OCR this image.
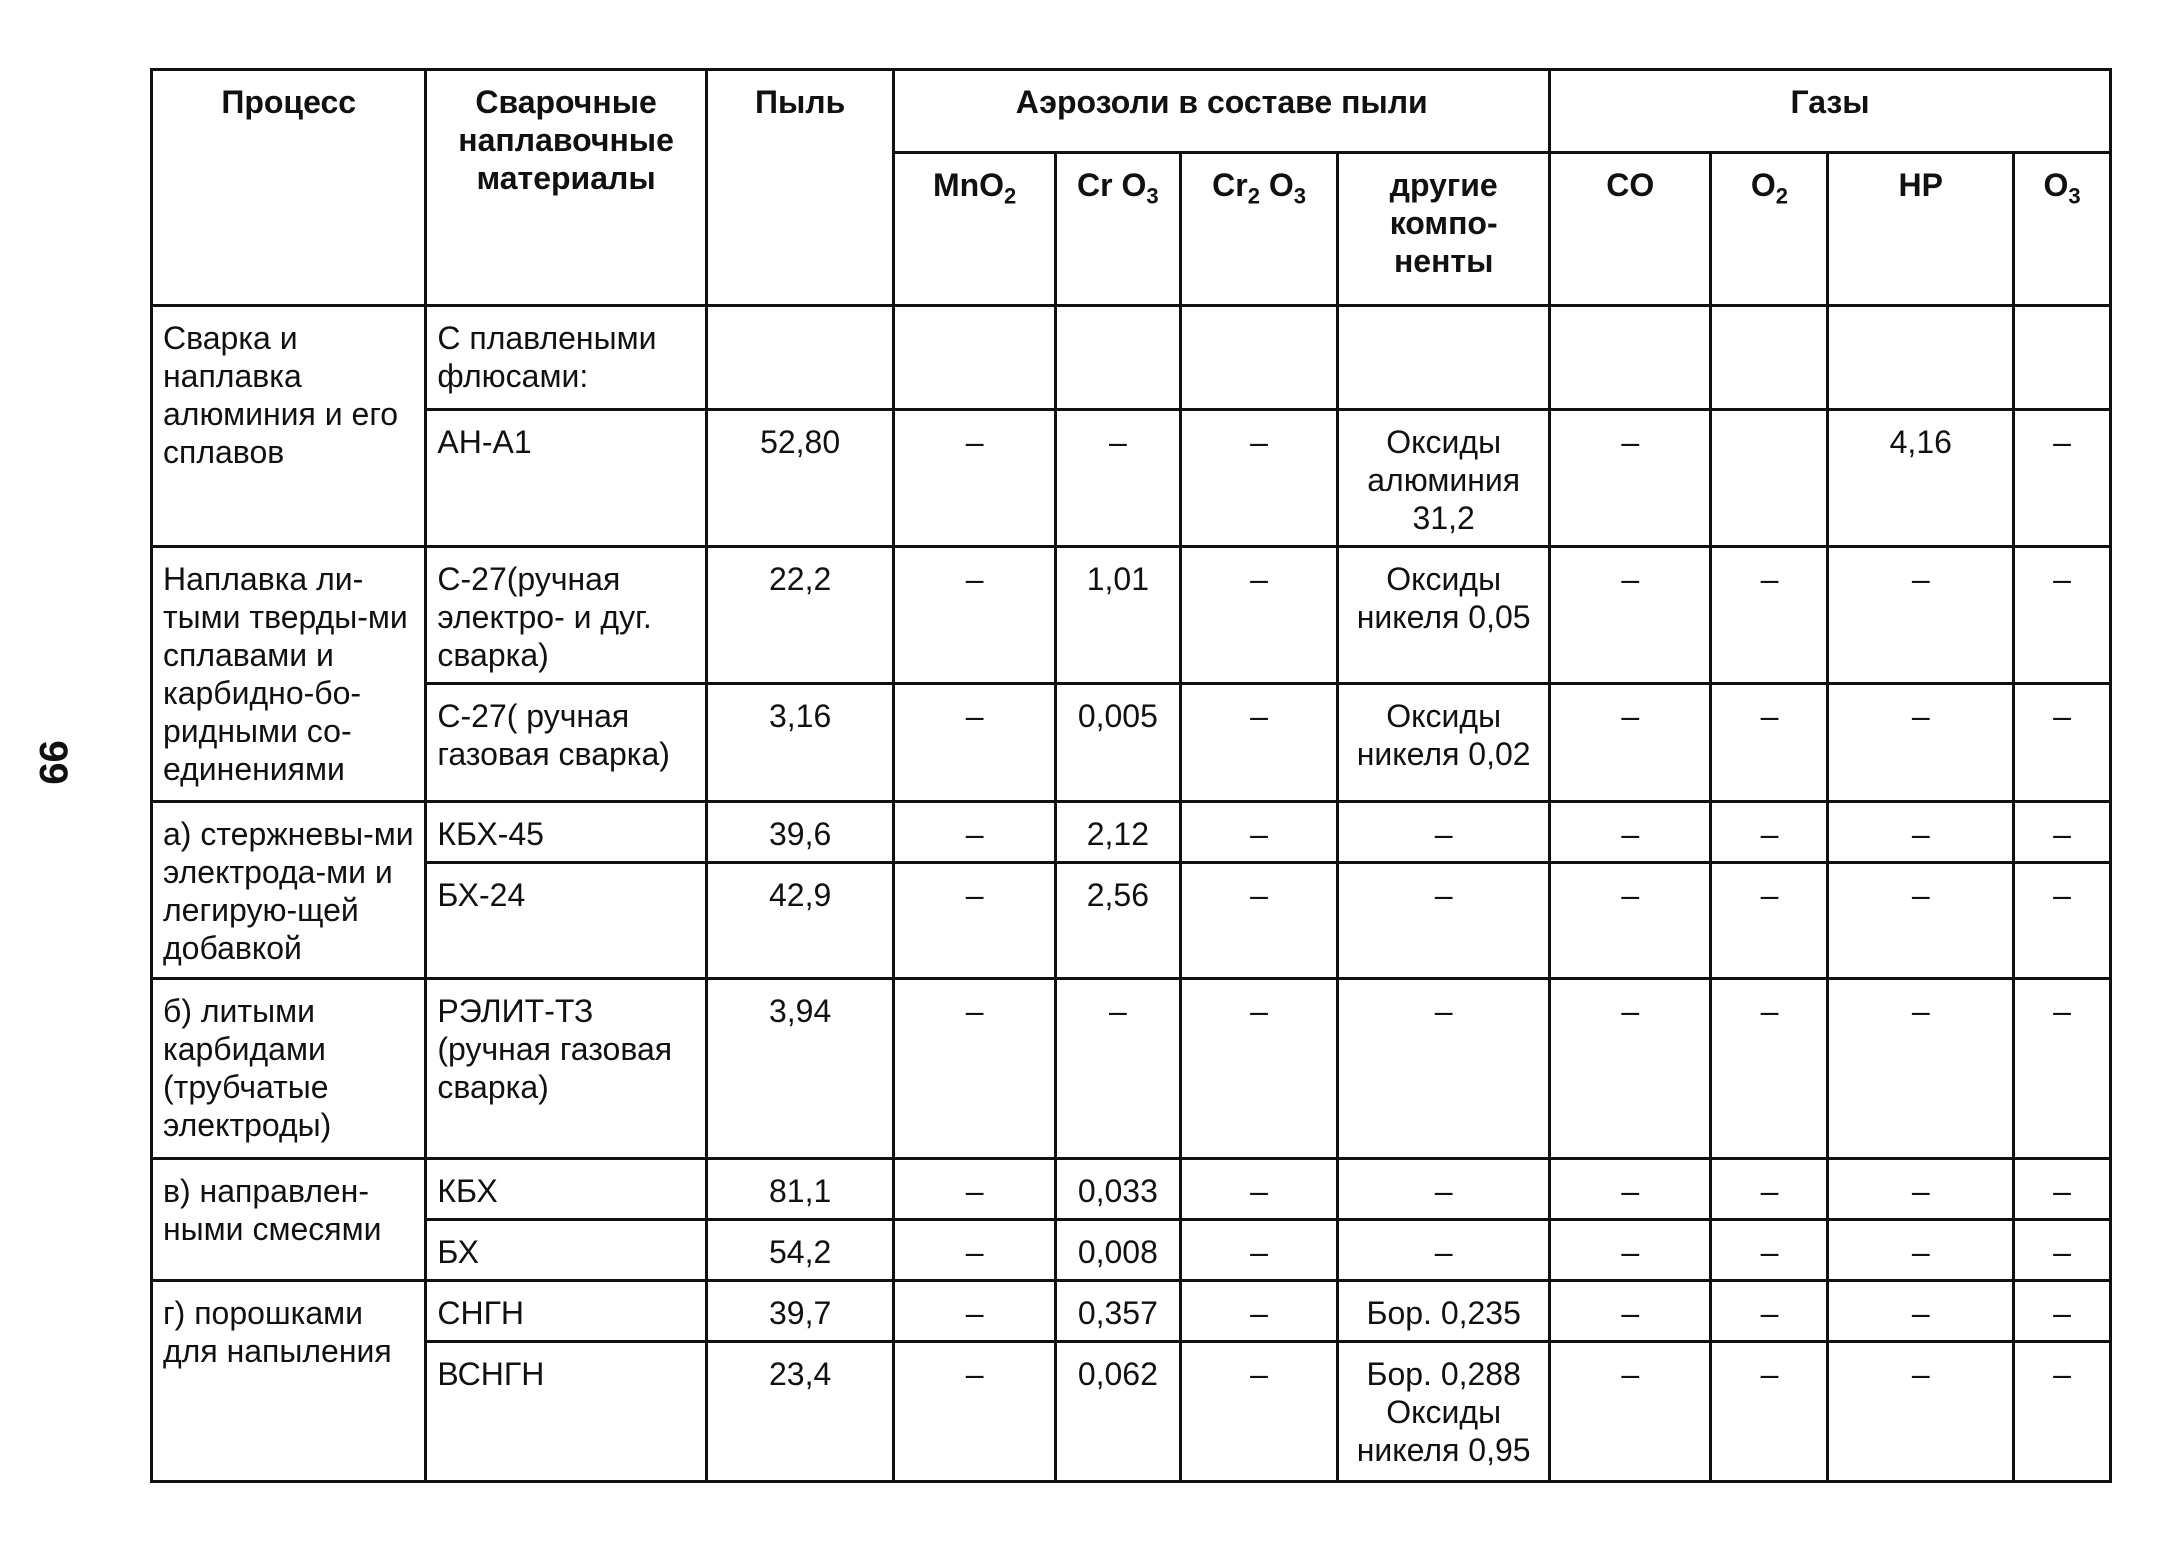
99
Процесс	Сварочные наплавочные материалы	Пыль	Аэрозоли в составе пыли				Газы			
			MnO$_2$	Cr $O_3$	$Cr_2$ $O_3$	другие компо-ненты	CO	$O_2$	HP	$O_3$
Сварка и наплавка алюминия и его сплавов	С плавлеными флюсами:									
	АН-А1	52,80	–	–	–	Оксиды алюминия 31,2	–		4,16	–
Наплавка ли-тыми тверды-ми сплавами и карбидно-бо-ридными со-единениями	С-27(ручная электро- и дуг. сварка)	22,2	–	1,01	–	Оксиды никеля 0,05	–	–	–	–
	С-27( ручная газовая сварка)	3,16	–	0,005	–	Оксиды никеля 0,02	–	–	–	–
а) стержневы-ми электрода-ми и легирую-щей добавкой	КБХ-45	39,6	–	2,12	–	–	–	–	–	–
	БХ-24	42,9	–	2,56	–	–	–	–	–	–
б) литыми карбидами (трубчатые электроды)	РЭЛИТ-ТЗ (ручная газовая сварка)	3,94	–	–	–	–	–	–	–	–
в) направлен-ными смесями	КБХ	81,1	–	0,033	–	–	–	–	–	–
	БХ	54,2	–	0,008	–	–	–	–	–	–
г) порошками для напыления	СНГН	39,7	–	0,357	–	Бор. 0,235	–	–	–	–
	ВСНГН	23,4	–	0,062	–	Бор. 0,288 Оксиды никеля 0,95	–	–	–	–
